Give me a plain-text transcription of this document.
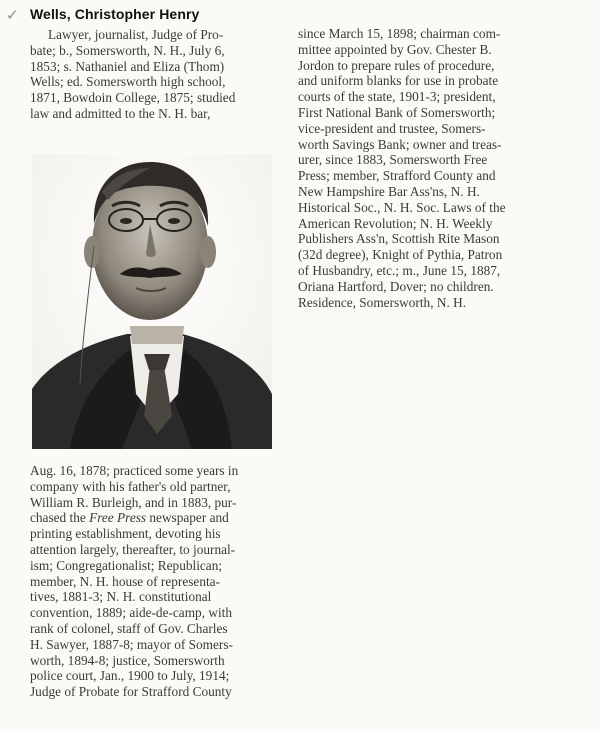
✓ Wells, Christopher Henry
Lawyer, journalist, Judge of Pro-
bate; b., Somersworth, N. H., July 6,
1853; s. Nathaniel and Eliza (Thom)
Wells; ed. Somersworth high school,
1871, Bowdoin College, 1875; studied
law and admitted to the N. H. bar,
Aug. 16, 1878; practiced some years in
company with his father's old partner,
William R. Burleigh, and in 1883, pur-
chased the Free Press newspaper and
printing establishment, devoting his
attention largely, thereafter, to journal-
ism; Congregationalist; Republican;
member, N. H. house of representa-
tives, 1881-3; N. H. constitutional
convention, 1889; aide-de-camp, with
rank of colonel, staff of Gov. Charles
H. Sawyer, 1887-8; mayor of Somers-
worth, 1894-8; justice, Somersworth
police court, Jan., 1900 to July, 1914;
Judge of Probate for Strafford County
since March 15, 1898; chairman com-
mittee appointed by Gov. Chester B.
Jordon to prepare rules of procedure,
and uniform blanks for use in probate
courts of the state, 1901-3; president,
First National Bank of Somersworth;
vice-president and trustee, Somers-
worth Savings Bank; owner and treas-
urer, since 1883, Somersworth Free
Press; member, Strafford County and
New Hampshire Bar Ass'ns, N. H.
Historical Soc., N. H. Soc. Laws of the
American Revolution; N. H. Weekly
Publishers Ass'n, Scottish Rite Mason
(32d degree), Knight of Pythia, Patron
of Husbandry, etc.; m., June 15, 1887,
Oriana Hartford, Dover; no children.
Residence, Somersworth, N. H.
